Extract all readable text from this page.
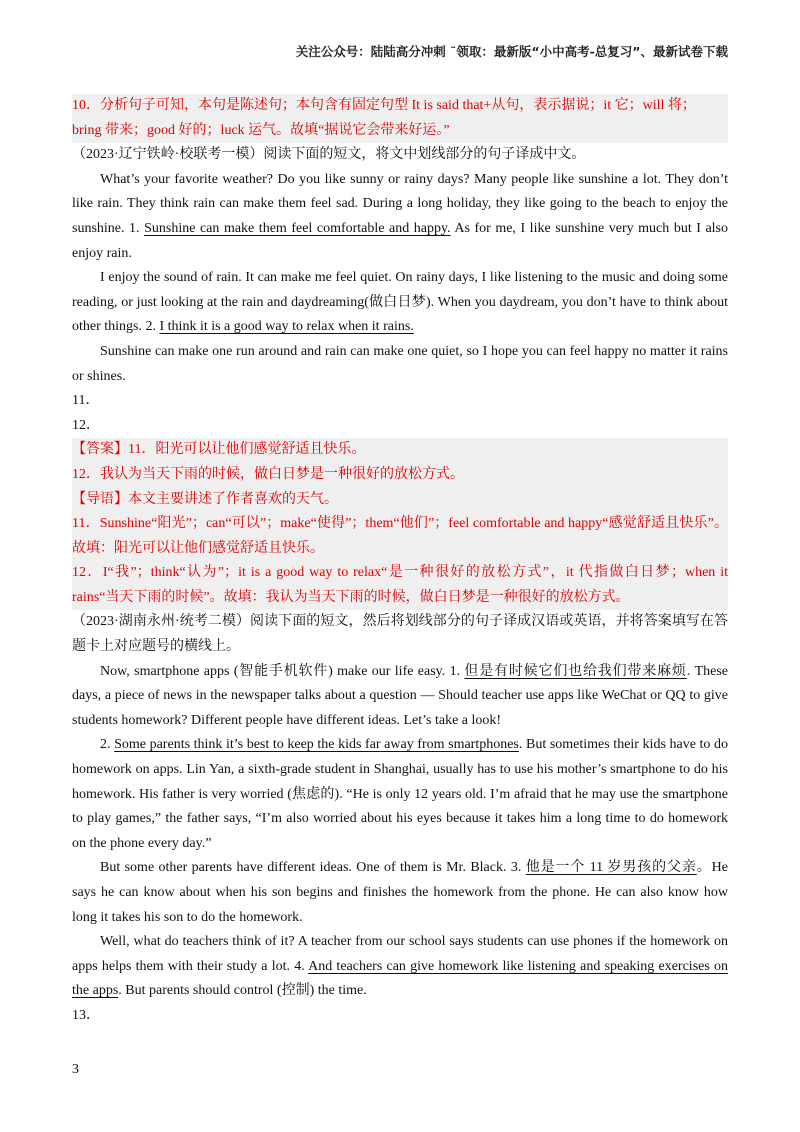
关注公众号：陆陆高分冲刺 ˜领取：最新版“小中高考-总复习”、最新试卷下载

10．分析句子可知，本句是陈述句；本句含有固定句型 It is said that+从句，表示据说；it 它；will 将；

bring 带来；good 好的；luck 运气。故填“据说它会带来好运。”

（2023·辽宁铁岭·校联考一模）阅读下面的短文，将文中划线部分的句子译成中文。

What’s your favorite weather? Do you like sunny or rainy days? Many people like sunshine a lot. They don’t like rain. They think rain can make them feel sad. During a long holiday, they like going to the beach to enjoy the sunshine. 1. Sunshine can make them feel comfortable and happy. As for me, I like sunshine very much but I also enjoy rain.

I enjoy the sound of rain. It can make me feel quiet. On rainy days, I like listening to the music and doing some reading, or just looking at the rain and daydreaming(做白日梦). When you daydream, you don’t have to think about other things. 2. I think it is a good way to relax when it rains.

Sunshine can make one run around and rain can make one quiet, so I hope you can feel happy no matter it rains or shines.

11．

12．

【答案】11．阳光可以让他们感觉舒适且快乐。

12．我认为当天下雨的时候，做白日梦是一种很好的放松方式。

【导语】本文主要讲述了作者喜欢的天气。

11．Sunshine“阳光”；can“可以”；make“使得”；them“他们”；feel comfortable and happy“感觉舒适且快乐”。故填：阳光可以让他们感觉舒适且快乐。

12．I“我”；think“认为”；it is a good way to relax“是一种很好的放松方式”，it 代指做白日梦；when it rains“当天下雨的时候”。故填：我认为当天下雨的时候，做白日梦是一种很好的放松方式。

（2023·湖南永州·统考二模）阅读下面的短文，然后将划线部分的句子译成汉语或英语，并将答案填写在答题卡上对应题号的横线上。

Now, smartphone apps (智能手机软件) make our life easy. 1. 但是有时候它们也给我们带来麻烦. These days, a piece of news in the newspaper talks about a question — Should teacher use apps like WeChat or QQ to give students homework? Different people have different ideas. Let’s take a look!

2. Some parents think it’s best to keep the kids far away from smartphones. But sometimes their kids have to do homework on apps. Lin Yan, a sixth-grade student in Shanghai, usually has to use his mother’s smartphone to do his homework. His father is very worried (焦虑的). “He is only 12 years old. I’m afraid that he may use the smartphone to play games,” the father says, “I’m also worried about his eyes because it takes him a long time to do homework on the phone every day.”

But some other parents have different ideas. One of them is Mr. Black. 3. 他是一个 11 岁男孩的父亲。He says he can know about when his son begins and finishes the homework from the phone. He can also know how long it takes his son to do the homework.

Well, what do teachers think of it? A teacher from our school says students can use phones if the homework on apps helps them with their study a lot. 4. And teachers can give homework like listening and speaking exercises on the apps. But parents should control (控制) the time.

13．

3
